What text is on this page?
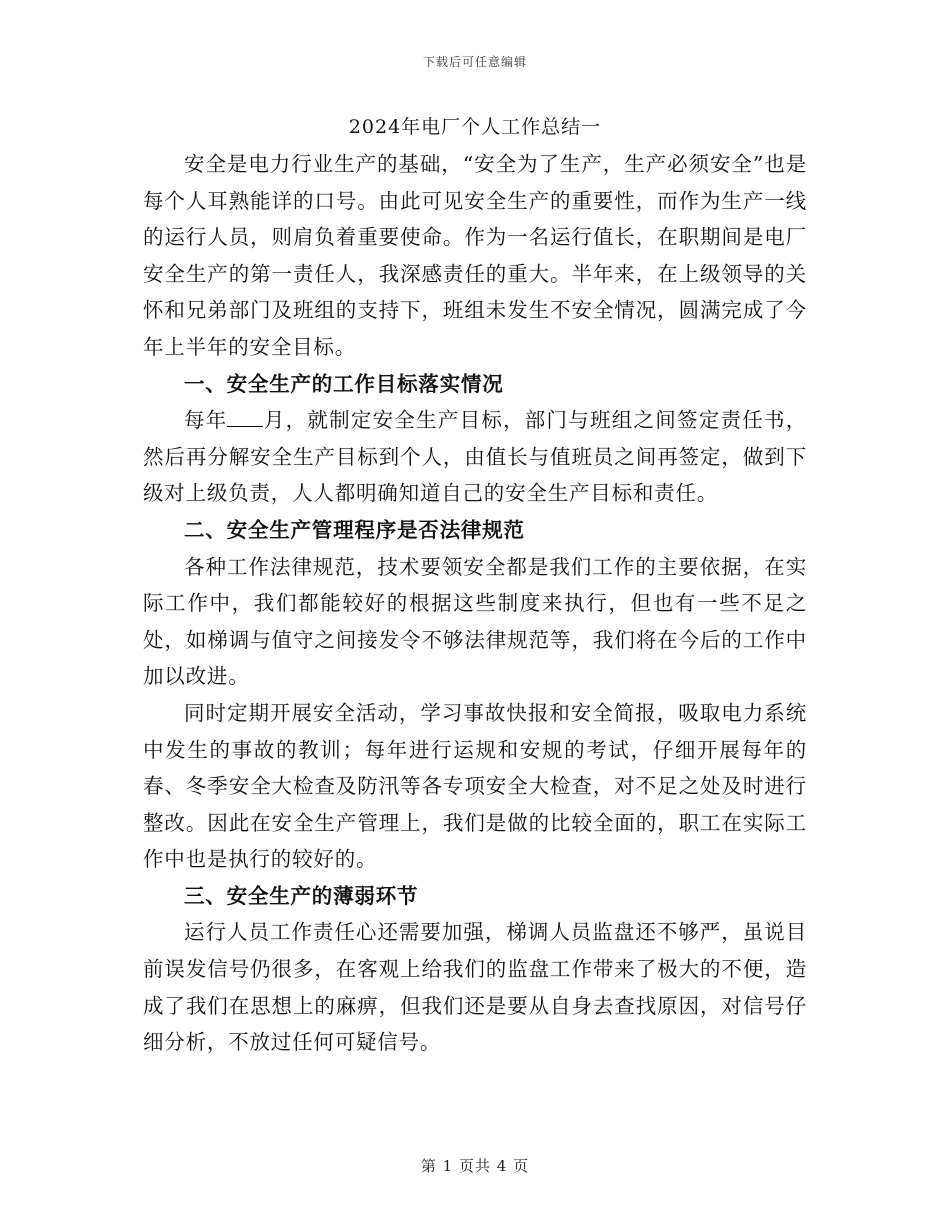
下载后可任意编辑
2024年电厂个人工作总结一

安全是电力行业生产的基础，“安全为了生产，生产必须安全”也是每个人耳熟能详的口号。由此可见安全生产的重要性，而作为生产一线的运行人员，则肩负着重要使命。作为一名运行值长，在职期间是电厂安全生产的第一责任人，我深感责任的重大。半年来，在上级领导的关怀和兄弟部门及班组的支持下，班组未发生不安全情况，圆满完成了今年上半年的安全目标。

一、安全生产的工作目标落实情况

每年 月，就制定安全生产目标，部门与班组之间签定责任书，然后再分解安全生产目标到个人，由值长与值班员之间再签定，做到下级对上级负责，人人都明确知道自己的安全生产目标和责任。

二、安全生产管理程序是否法律规范

各种工作法律规范，技术要领安全都是我们工作的主要依据，在实际工作中，我们都能较好的根据这些制度来执行，但也有一些不足之处，如梯调与值守之间接发令不够法律规范等，我们将在今后的工作中加以改进。

同时定期开展安全活动，学习事故快报和安全简报，吸取电力系统中发生的事故的教训；每年进行运规和安规的考试，仔细开展每年的春、冬季安全大检查及防汛等各专项安全大检查，对不足之处及时进行整改。因此在安全生产管理上，我们是做的比较全面的，职工在实际工作中也是执行的较好的。

三、安全生产的薄弱环节

运行人员工作责任心还需要加强，梯调人员监盘还不够严，虽说目前误发信号仍很多，在客观上给我们的监盘工作带来了极大的不便，造成了我们在思想上的麻痹，但我们还是要从自身去查找原因，对信号仔细分析，不放过任何可疑信号。

第 1 页共 4 页
